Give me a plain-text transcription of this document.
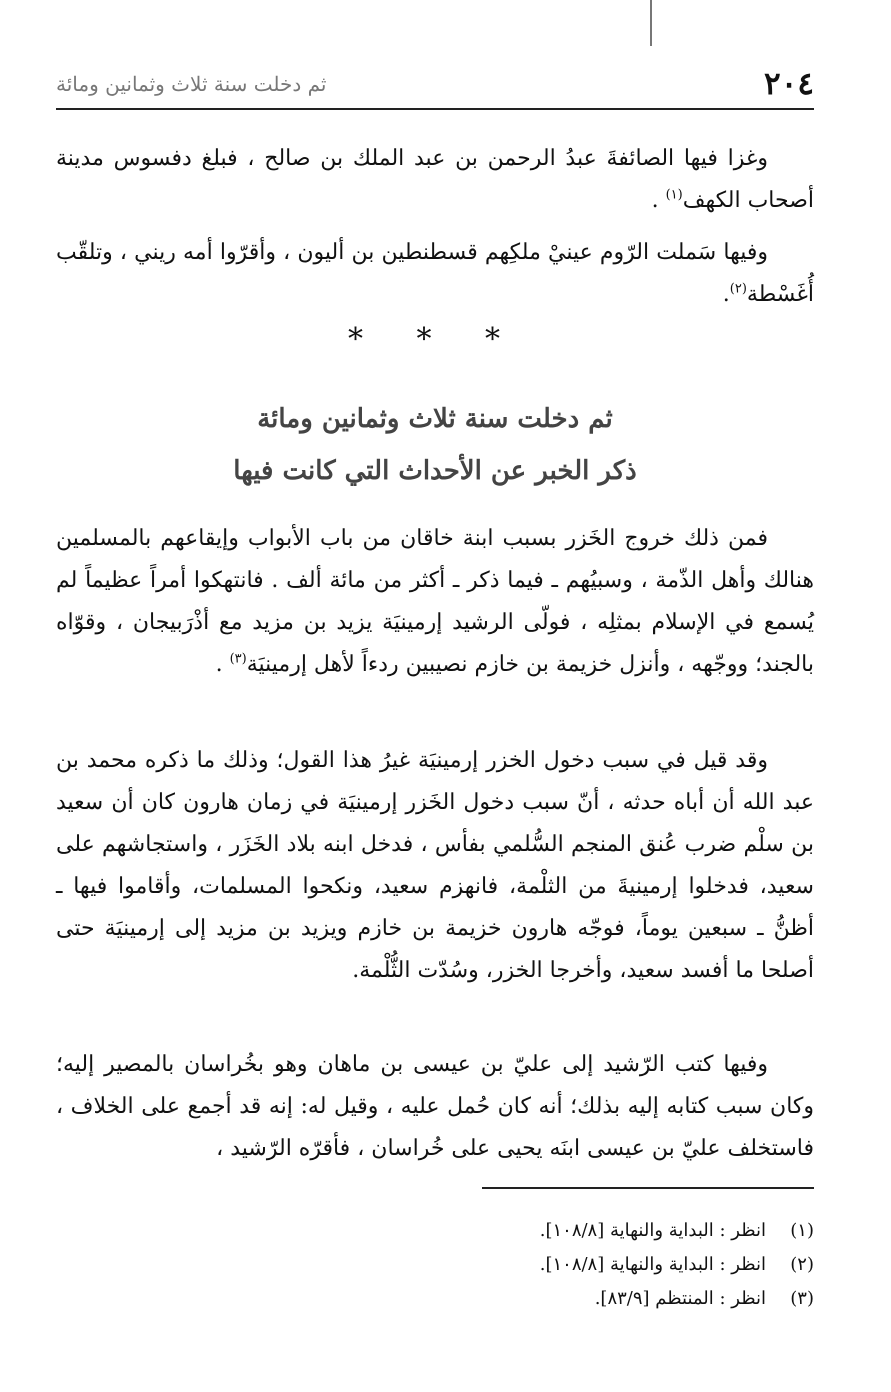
٢٠٤
ثم دخلت سنة ثلاث وثمانين ومائة

وغزا فيها الصائفةَ عبدُ الرحمن بن عبد الملك بن صالح ، فبلغ دفسوس مدينة أصحاب الكهف$^{(١)}$ .

وفيها سَملت الرّوم عينيْ ملكِهم قسطنطين بن أليون ، وأقرّوا أمه ريني ، وتلقّب أُغَسْطة$^{(٢)}$.

* * *
ثم دخلت سنة ثلاث وثمانين ومائة
ذكر الخبر عن الأحداث التي كانت فيها

فمن ذلك خروج الخَزر بسبب ابنة خاقان من باب الأبواب وإيقاعهم بالمسلمين هنالك وأهل الذّمة ، وسبيُهم ـ فيما ذكر ـ أكثر من مائة ألف . فانتهكوا أمراً عظيماً لم يُسمع في الإسلام بمثلِه ، فولّى الرشيد إرمينيَة يزيد بن مزيد مع أذْرَبيجان ، وقوّاه بالجند؛ ووجّهه ، وأنزل خزيمة بن خازم نصيبين ردءاً لأهل إرمينيَة$^{(٣)}$ .

وقد قيل في سبب دخول الخزر إرمينيَة غيرُ هذا القول؛ وذلك ما ذكره محمد بن عبد الله أن أباه حدثه ، أنّ سبب دخول الخَزر إرمينيَة في زمان هارون كان أن سعيد بن سلْم ضرب عُنق المنجم السُّلمي بفأس ، فدخل ابنه بلاد الخَزَر ، واستجاشهم على سعيد، فدخلوا إرمينيةَ من الثلْمة، فانهزم سعيد، ونكحوا المسلمات، وأقاموا فيها ـ أظنُّ ـ سبعين يوماً، فوجّه هارون خزيمة بن خازم ويزيد بن مزيد إلى إرمينيَة حتى أصلحا ما أفسد سعيد، وأخرجا الخزر، وسُدّت الثُّلْمة.

وفيها كتب الرّشيد إلى عليّ بن عيسى بن ماهان وهو بخُراسان بالمصير إليه؛ وكان سبب كتابه إليه بذلك؛ أنه كان حُمل عليه ، وقيل له: إنه قد أجمع على الخلاف ، فاستخلف عليّ بن عيسى ابنَه يحيى على خُراسان ، فأقرّه الرّشيد ،

(١)
انظر : البداية والنهاية [١٠٨/٨].
(٢)
انظر : البداية والنهاية [١٠٨/٨].
(٣)
انظر : المنتظم [٨٣/٩].
